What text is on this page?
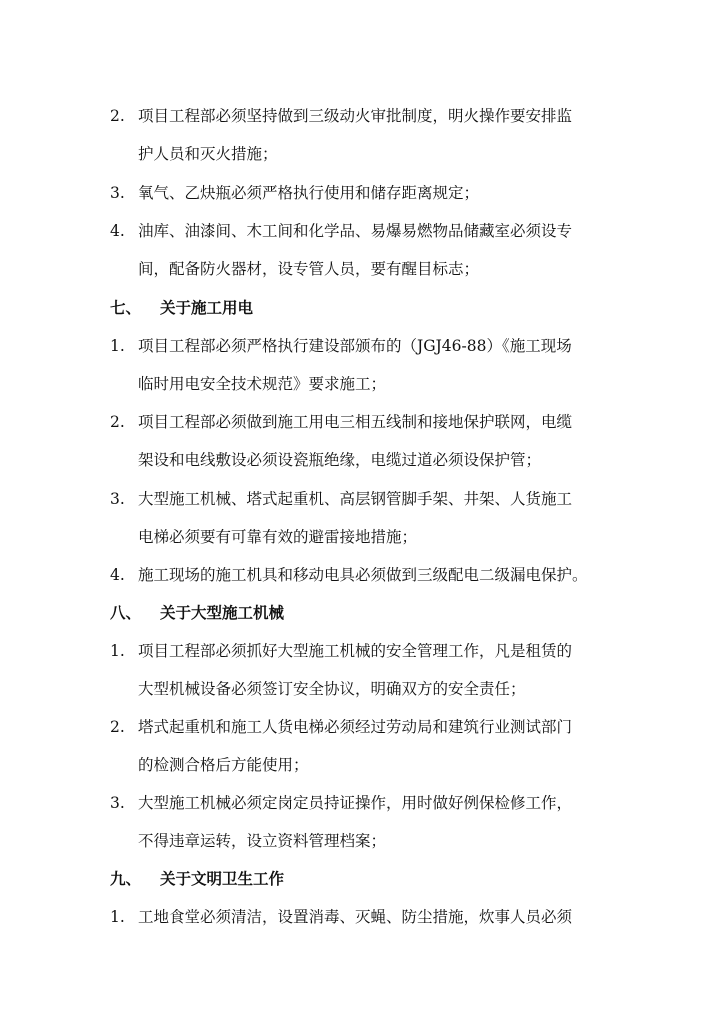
2. 项目工程部必须坚持做到三级动火审批制度，明火操作要安排监
护人员和灭火措施；
3. 氧气、乙炔瓶必须严格执行使用和储存距离规定；
4. 油库、油漆间、木工间和化学品、易爆易燃物品储藏室必须设专
间，配备防火器材，设专管人员，要有醒目标志；
七、 关于施工用电
1. 项目工程部必须严格执行建设部颁布的（JGJ46-88）《施工现场
临时用电安全技术规范》要求施工；
2. 项目工程部必须做到施工用电三相五线制和接地保护联网，电缆
架设和电线敷设必须设瓷瓶绝缘，电缆过道必须设保护管；
3. 大型施工机械、塔式起重机、高层钢管脚手架、井架、人货施工
电梯必须要有可靠有效的避雷接地措施；
4. 施工现场的施工机具和移动电具必须做到三级配电二级漏电保护。
八、 关于大型施工机械
1. 项目工程部必须抓好大型施工机械的安全管理工作，凡是租赁的
大型机械设备必须签订安全协议，明确双方的安全责任；
2. 塔式起重机和施工人货电梯必须经过劳动局和建筑行业测试部门
的检测合格后方能使用；
3. 大型施工机械必须定岗定员持证操作，用时做好例保检修工作，
不得违章运转，设立资料管理档案；
九、 关于文明卫生工作
1. 工地食堂必须清洁，设置消毒、灭蝇、防尘措施，炊事人员必须
